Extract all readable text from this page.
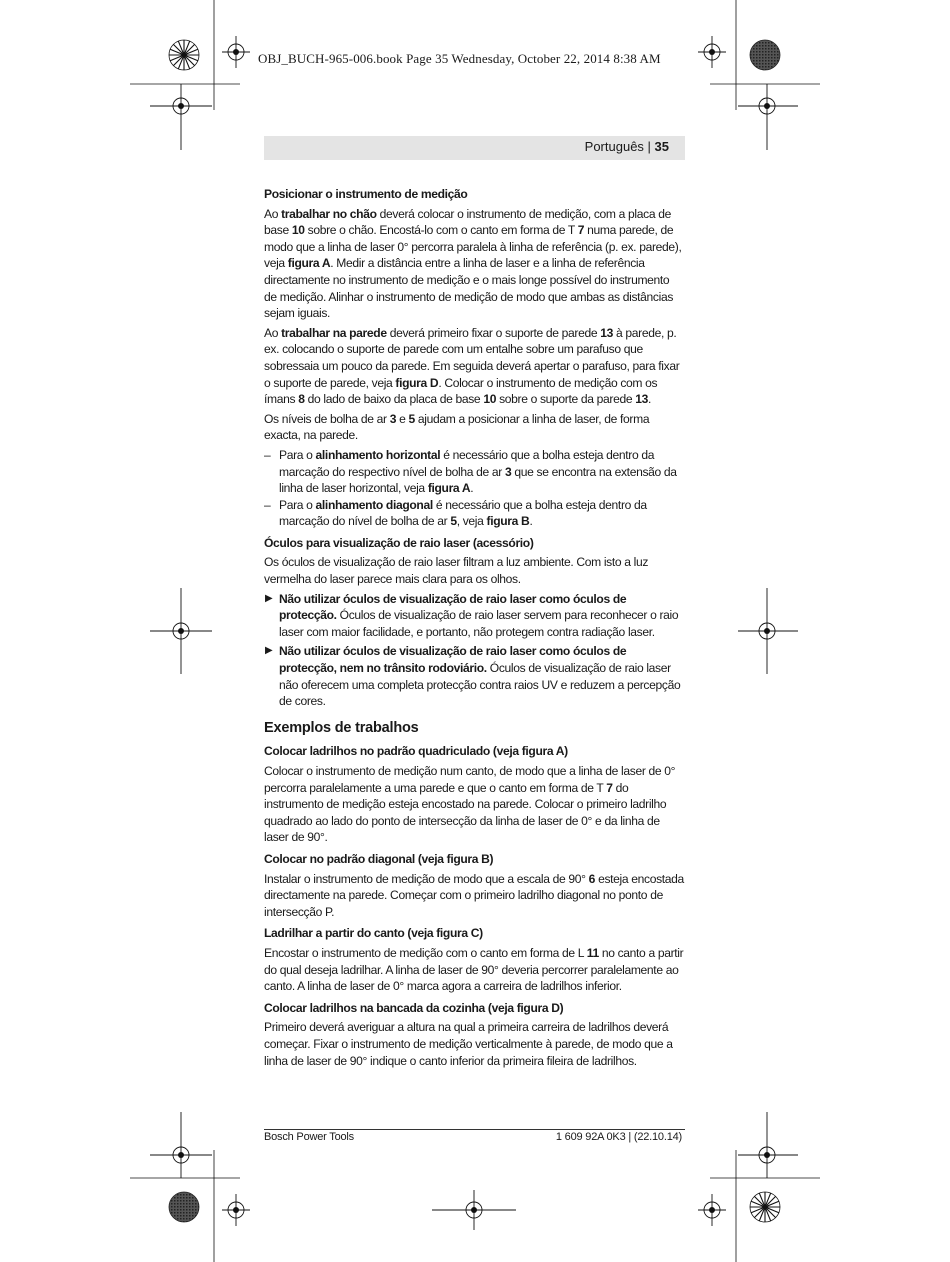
OBJ_BUCH-965-006.book Page 35 Wednesday, October 22, 2014 8:38 AM
Português | 35
Posicionar o instrumento de medição

Ao trabalhar no chão deverá colocar o instrumento de medição, com a placa de base 10 sobre o chão. Encostá-lo com o canto em forma de T 7 numa parede, de modo que a linha de laser 0° percorra paralela à linha de referência (p. ex. parede), veja figura A. Medir a distância entre a linha de laser e a linha de referência directamente no instrumento de medição e o mais longe possível do instrumento de medição. Alinhar o instrumento de medição de modo que ambas as distâncias sejam iguais.

Ao trabalhar na parede deverá primeiro fixar o suporte de parede 13 à parede, p. ex. colocando o suporte de parede com um entalhe sobre um parafuso que sobressaia um pouco da parede. Em seguida deverá apertar o parafuso, para fixar o suporte de parede, veja figura D. Colocar o instrumento de medição com os ímans 8 do lado de baixo da placa de base 10 sobre o suporte da parede 13.

Os níveis de bolha de ar 3 e 5 ajudam a posicionar a linha de laser, de forma exacta, na parede.

– Para o alinhamento horizontal é necessário que a bolha esteja dentro da marcação do respectivo nível de bolha de ar 3 que se encontra na extensão da linha de laser horizontal, veja figura A.
– Para o alinhamento diagonal é necessário que a bolha esteja dentro da marcação do nível de bolha de ar 5, veja figura B.
Óculos para visualização de raio laser (acessório)

Os óculos de visualização de raio laser filtram a luz ambiente. Com isto a luz vermelha do laser parece mais clara para os olhos.

▶ Não utilizar óculos de visualização de raio laser como óculos de protecção. Óculos de visualização de raio laser servem para reconhecer o raio laser com maior facilidade, e portanto, não protegem contra radiação laser.
▶ Não utilizar óculos de visualização de raio laser como óculos de protecção, nem no trânsito rodoviário. Óculos de visualização de raio laser não oferecem uma completa protecção contra raios UV e reduzem a percepção de cores.
Exemplos de trabalhos
Colocar ladrilhos no padrão quadriculado (veja figura A)

Colocar o instrumento de medição num canto, de modo que a linha de laser de 0° percorra paralelamente a uma parede e que o canto em forma de T 7 do instrumento de medição esteja encostado na parede. Colocar o primeiro ladrilho quadrado ao lado do ponto de intersecção da linha de laser de 0° e da linha de laser de 90°.

Colocar no padrão diagonal (veja figura B)

Instalar o instrumento de medição de modo que a escala de 90° 6 esteja encostada directamente na parede. Começar com o primeiro ladrilho diagonal no ponto de intersecção P.

Ladrilhar a partir do canto (veja figura C)

Encostar o instrumento de medição com o canto em forma de L 11 no canto a partir do qual deseja ladrilhar. A linha de laser de 90° deveria percorrer paralelamente ao canto. A linha de laser de 0° marca agora a carreira de ladrilhos inferior.

Colocar ladrilhos na bancada da cozinha (veja figura D)

Primeiro deverá averiguar a altura na qual a primeira carreira de ladrilhos deverá começar. Fixar o instrumento de medição verticalmente à parede, de modo que a linha de laser de 90° indique o canto inferior da primeira fileira de ladrilhos.

Bosch Power Tools	1 609 92A 0K3 | (22.10.14)
